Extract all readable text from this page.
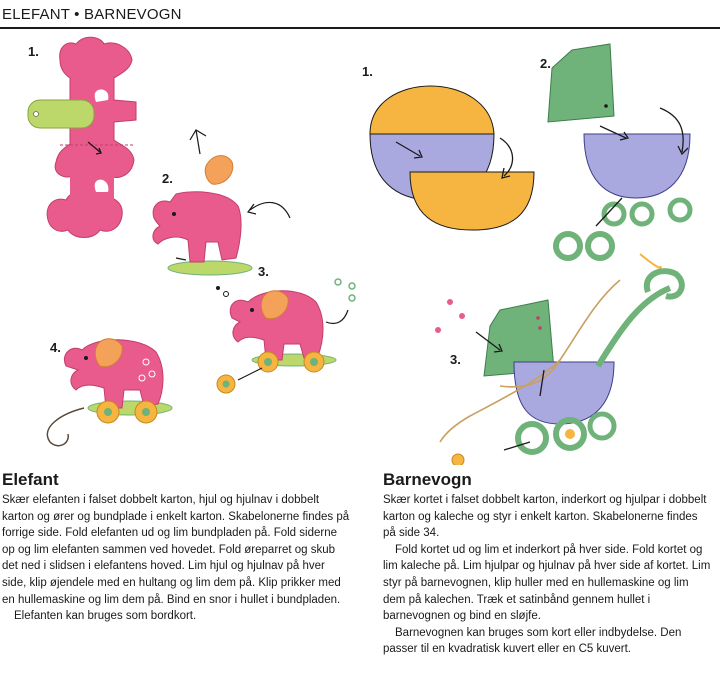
ELEFANT • BARNEVOGN
1.
2.
3.
4.
1.
2.
3.
Elefant

Skær elefanten i falset dobbelt karton, hjul og hjulnav i dobbelt karton og ører og bundplade i enkelt karton. Skabelonerne findes på forrige side. Fold elefanten ud og lim bundpladen på. Fold siderne op og lim elefanten sammen ved hovedet. Fold øreparret og skub det ned i slidsen i elefantens hoved. Lim hjul og hjulnav på hver side, klip øjendele med en hultang og lim dem på. Klip prikker med en hullemaskine og lim dem på. Bind en snor i hullet i bundpladen.

Elefanten kan bruges som bordkort.

Barnevogn

Skær kortet i falset dobbelt karton, inderkort og hjulpar i dobbelt karton og kaleche og styr i enkelt karton. Skabelonerne findes på side 34.

Fold kortet ud og lim et inderkort på hver side. Fold kortet og lim kaleche på. Lim hjulpar og hjulnav på hver side af kortet. Lim styr på barnevognen, klip huller med en hullemaskine og lim dem på kalechen. Træk et satinbånd gennem hullet i barnevognen og bind en sløjfe.

Barnevognen kan bruges som kort eller indbydelse. Den passer til en kvadratisk kuvert eller en C5 kuvert.
